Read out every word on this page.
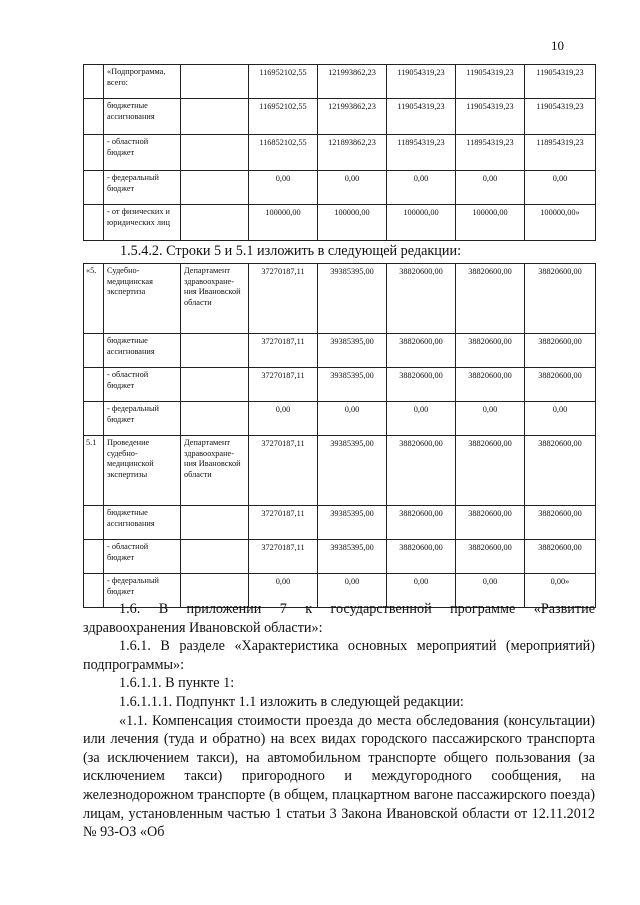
10
	«Подпрограмма, всего:		116952102,55	121993862,23	119054319,23	119054319,23	119054319,23
	бюджетные ассигнования		116952102,55	121993862,23	119054319,23	119054319,23	119054319,23
	- областной бюджет		116852102,55	121893862,23	118954319,23	118954319,23	118954319,23
	- федеральный бюджет		0,00	0,00	0,00	0,00	0,00
	- от физических и юридических лиц		100000,00	100000,00	100000,00	100000,00	100000,00»
1.5.4.2. Строки 5 и 5.1 изложить в следующей редакции:
«5.	Судебно-медицинская экспертиза	Департамент здравоохране-ния Ивановской области	37270187,11	39385395,00	38820600,00	38820600,00	38820600,00
	бюджетные ассигнования		37270187,11	39385395,00	38820600,00	38820600,00	38820600,00
	- областной бюджет		37270187,11	39385395,00	38820600,00	38820600,00	38820600,00
	- федеральный бюджет		0,00	0,00	0,00	0,00	0,00
5.1	Проведение судебно-медицинской экспертизы	Департамент здравоохране-ния Ивановской области	37270187,11	39385395,00	38820600,00	38820600,00	38820600,00
	бюджетные ассигнования		37270187,11	39385395,00	38820600,00	38820600,00	38820600,00
	- областной бюджет		37270187,11	39385395,00	38820600,00	38820600,00	38820600,00
	- федеральный бюджет		0,00	0,00	0,00	0,00	0,00»

1.6. В приложении 7 к государственной программе «Развитие здравоохранения Ивановской области»:

1.6.1. В разделе «Характеристика основных мероприятий (мероприятий) подпрограммы»:

1.6.1.1. В пункте 1:

1.6.1.1.1. Подпункт 1.1 изложить в следующей редакции:

«1.1. Компенсация стоимости проезда до места обследования (консультации) или лечения (туда и обратно) на всех видах городского пассажирского транспорта (за исключением такси), на автомобильном транспорте общего пользования (за исключением такси) пригородного и междугородного сообщения, на железнодорожном транспорте (в общем, плацкартном вагоне пассажирского поезда) лицам, установленным частью 1 статьи 3 Закона Ивановской области от 12.11.2012 № 93-ОЗ «Об
